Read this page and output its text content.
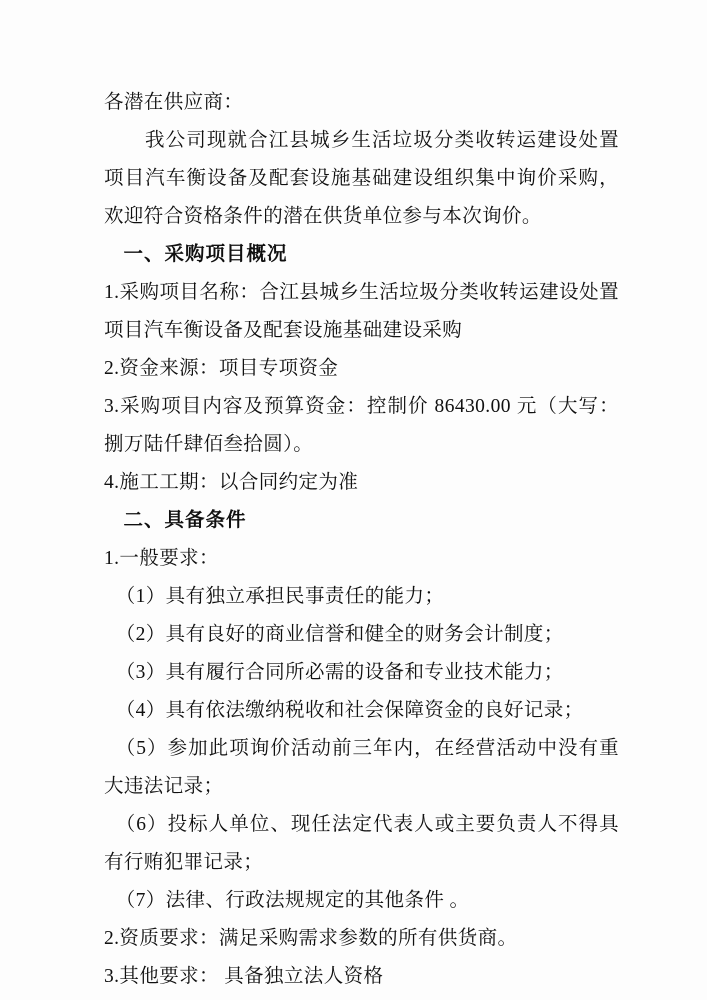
各潜在供应商：

我公司现就合江县城乡生活垃圾分类收转运建设处置项目汽车衡设备及配套设施基础建设组织集中询价采购，欢迎符合资格条件的潜在供货单位参与本次询价。

一、采购项目概况

1.采购项目名称：合江县城乡生活垃圾分类收转运建设处置项目汽车衡设备及配套设施基础建设采购

2.资金来源：项目专项资金

3.采购项目内容及预算资金：控制价 86430.00 元（大写： 捌万陆仟肆佰叁拾圆）。

4.施工工期：以合同约定为准

二、具备条件

1.一般要求：

（1）具有独立承担民事责任的能力；

（2）具有良好的商业信誉和健全的财务会计制度；

（3）具有履行合同所必需的设备和专业技术能力；

（4）具有依法缴纳税收和社会保障资金的良好记录；

（5）参加此项询价活动前三年内，在经营活动中没有重大违法记录；

（6）投标人单位、现任法定代表人或主要负责人不得具有行贿犯罪记录；

（7）法律、行政法规规定的其他条件 。

2.资质要求：满足采购需求参数的所有供货商。

3.其他要求： 具备独立法人资格
